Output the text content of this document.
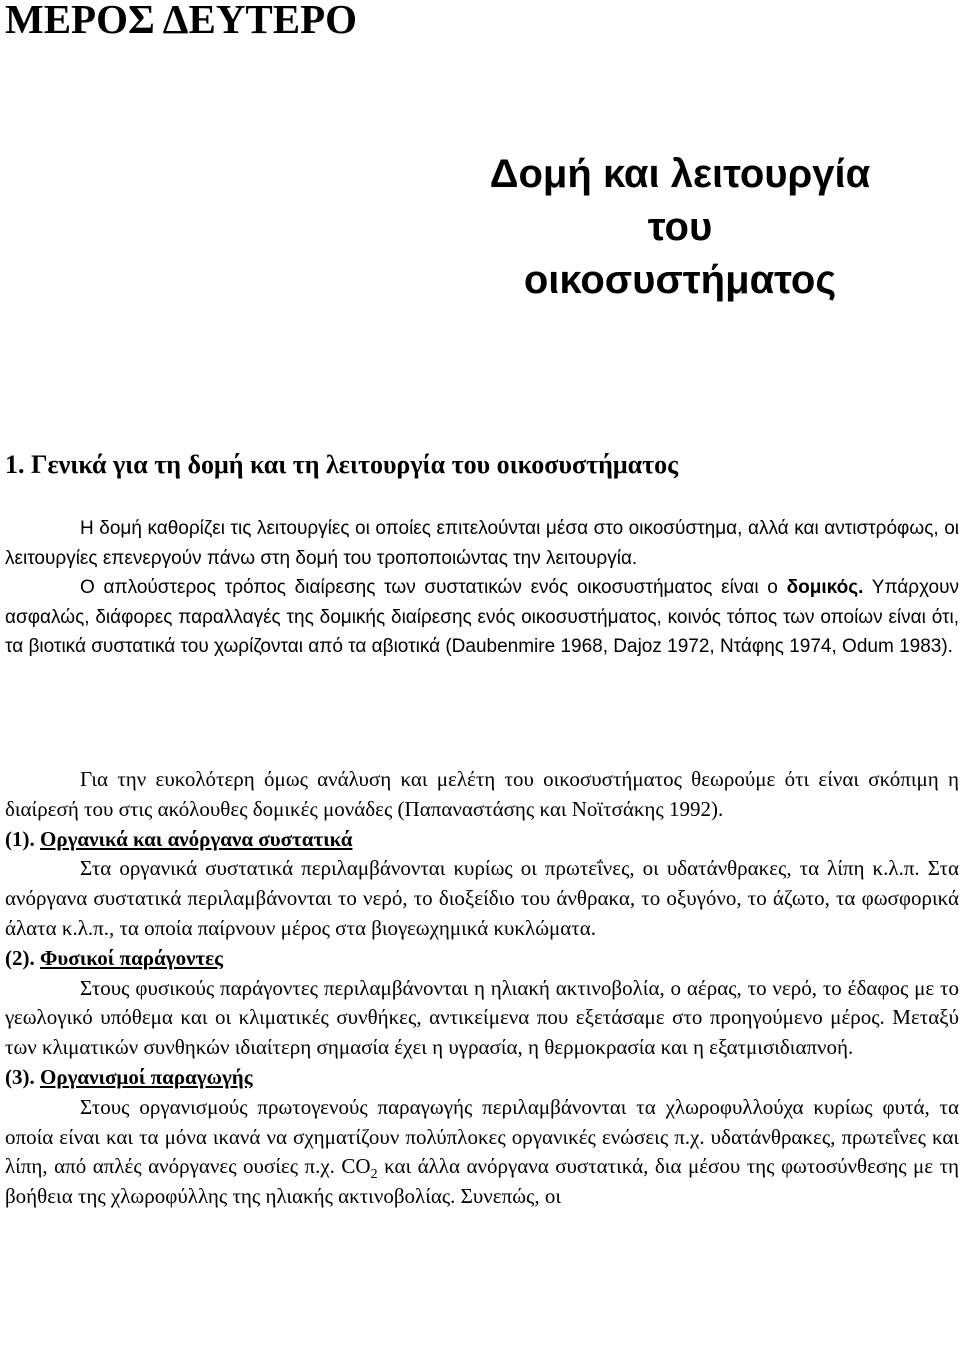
ΜΕΡΟΣ ΔΕΥΤΕΡΟ
Δομή και λειτουργία του
οικοσυστήματος
1. Γενικά για τη δομή και τη λειτουργία του οικοσυστήματος

Η δομή καθορίζει τις λειτουργίες οι οποίες επιτελούνται μέσα στο οικοσύστημα, αλλά και αντιστρόφως, οι λειτουργίες επενεργούν πάνω στη δομή του τροποποιώντας την λειτουργία.

Ο απλούστερος τρόπος διαίρεσης των συστατικών ενός οικοσυστήματος είναι ο δομικός. Υπάρχουν ασφαλώς, διάφορες παραλλαγές της δομικής διαίρεσης ενός οικοσυστήματος, κοινός τόπος των οποίων είναι ότι, τα βιοτικά συστατικά του χωρίζονται από τα αβιοτικά (Daubenmire 1968, Dajoz 1972, Ντάφης 1974, Odum 1983).

Για την ευκολότερη όμως ανάλυση και μελέτη του οικοσυστήματος θεωρούμε ότι είναι σκόπιμη η διαίρεσή του στις ακόλουθες δομικές μονάδες (Παπαναστάσης και Νοϊτσάκης 1992).

(1). Οργανικά και ανόργανα συστατικά

Στα οργανικά συστατικά περιλαμβάνονται κυρίως οι πρωτεΐνες, οι υδατάνθρακες, τα λίπη κ.λ.π. Στα ανόργανα συστατικά περιλαμβάνονται το νερό, το διοξείδιο του άνθρακα, το οξυγόνο, το άζωτο, τα φωσφορικά άλατα κ.λ.π., τα οποία παίρνουν μέρος στα βιογεωχημικά κυκλώματα.

(2). Φυσικοί παράγοντες

Στους φυσικούς παράγοντες περιλαμβάνονται η ηλιακή ακτινοβολία, ο αέρας, το νερό, το έδαφος με το γεωλογικό υπόθεμα και οι κλιματικές συνθήκες, αντικείμενα που εξετάσαμε στο προηγούμενο μέρος. Μεταξύ των κλιματικών συνθηκών ιδιαίτερη σημασία έχει η υγρασία, η θερμοκρασία και η εξατμισιδιαπνοή.

(3). Οργανισμοί παραγωγής

Στους οργανισμούς πρωτογενούς παραγωγής περιλαμβάνονται τα χλωροφυλλούχα κυρίως φυτά, τα οποία είναι και τα μόνα ικανά να σχηματίζουν πολύπλοκες οργανικές ενώσεις π.χ. υδατάνθρακες, πρωτεΐνες και λίπη, από απλές ανόργανες ουσίες π.χ. $CO_2$ και άλλα ανόργανα συστατικά, δια μέσου της φωτοσύνθεσης με τη βοήθεια της χλωροφύλλης της ηλιακής ακτινοβολίας. Συνεπώς, οι
